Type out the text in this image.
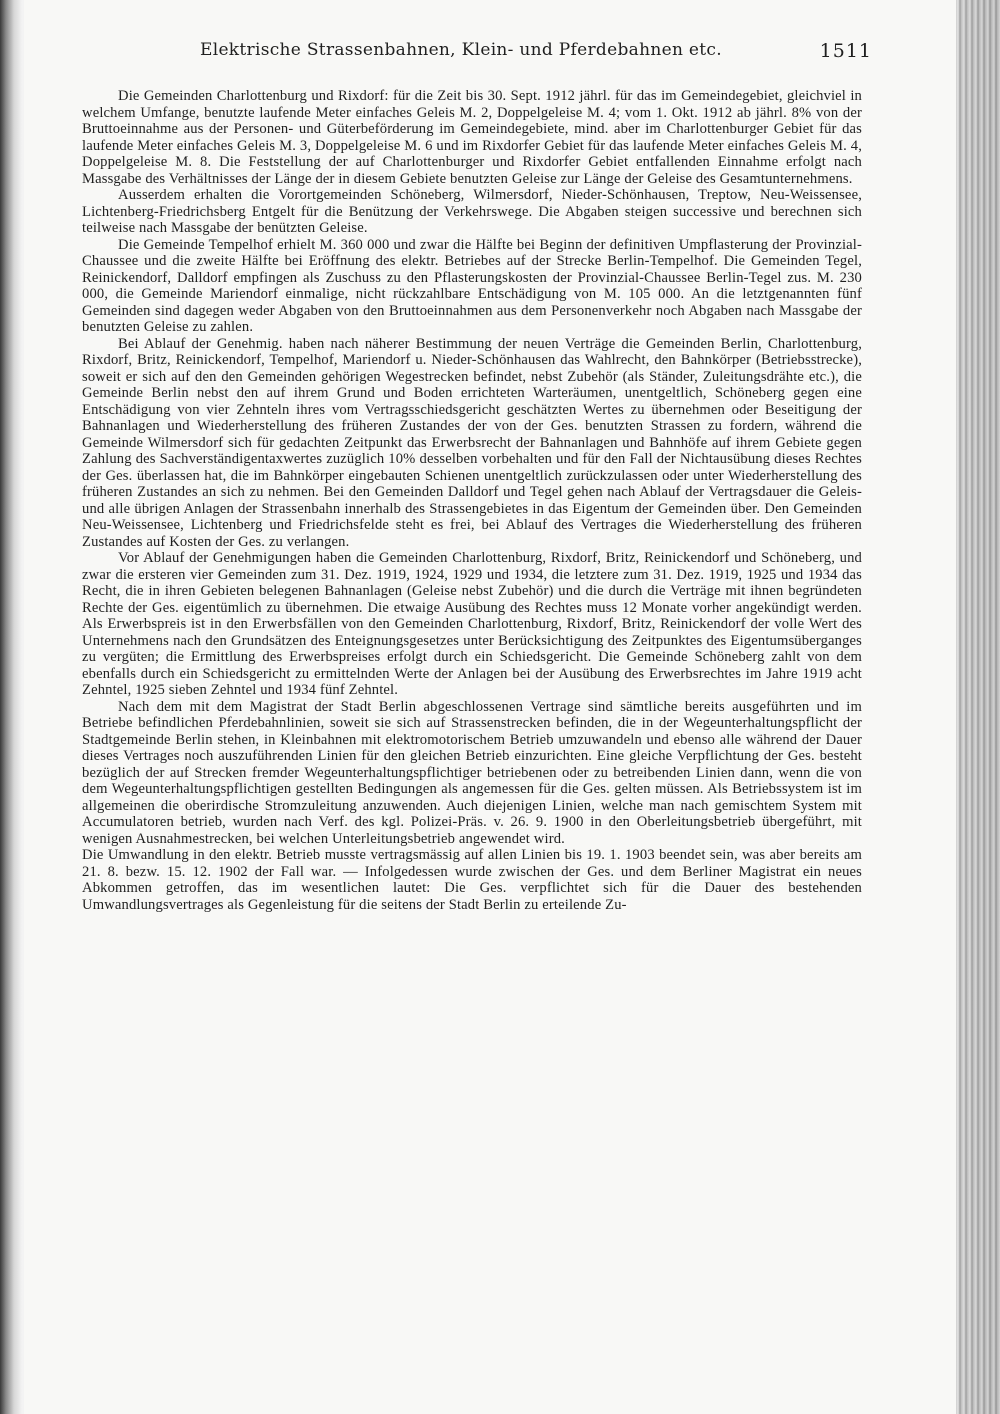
Elektrische Strassenbahnen, Klein- und Pferdebahnen etc.	1511

Die Gemeinden Charlottenburg und Rixdorf: für die Zeit bis 30. Sept. 1912 jährl. für das im Gemeindegebiet, gleichviel in welchem Umfange, benutzte laufende Meter einfaches Geleis M. 2, Doppelgeleise M. 4; vom 1. Okt. 1912 ab jährl. 8% von der Bruttoeinnahme aus der Personen- und Güterbeförderung im Gemeindegebiete, mind. aber im Charlottenburger Gebiet für das laufende Meter einfaches Geleis M. 3, Doppelgeleise M. 6 und im Rixdorfer Gebiet für das laufende Meter einfaches Geleis M. 4, Doppelgeleise M. 8. Die Feststellung der auf Charlottenburger und Rixdorfer Gebiet entfallenden Einnahme erfolgt nach Massgabe des Verhältnisses der Länge der in diesem Gebiete benutzten Geleise zur Länge der Geleise des Gesamtunternehmens.

Ausserdem erhalten die Vorortgemeinden Schöneberg, Wilmersdorf, Nieder-Schönhausen, Treptow, Neu-Weissensee, Lichtenberg-Friedrichsberg Entgelt für die Benützung der Verkehrswege. Die Abgaben steigen successive und berechnen sich teilweise nach Massgabe der benützten Geleise.

Die Gemeinde Tempelhof erhielt M. 360 000 und zwar die Hälfte bei Beginn der definitiven Umpflasterung der Provinzial-Chaussee und die zweite Hälfte bei Eröffnung des elektr. Betriebes auf der Strecke Berlin-Tempelhof. Die Gemeinden Tegel, Reinickendorf, Dalldorf empfingen als Zuschuss zu den Pflasterungskosten der Provinzial-Chaussee Berlin-Tegel zus. M. 230 000, die Gemeinde Mariendorf einmalige, nicht rückzahlbare Entschädigung von M. 105 000. An die letztgenannten fünf Gemeinden sind dagegen weder Abgaben von den Bruttoeinnahmen aus dem Personenverkehr noch Abgaben nach Massgabe der benutzten Geleise zu zahlen.

Bei Ablauf der Genehmig. haben nach näherer Bestimmung der neuen Verträge die Gemeinden Berlin, Charlottenburg, Rixdorf, Britz, Reinickendorf, Tempelhof, Mariendorf u. Nieder-Schönhausen das Wahlrecht, den Bahnkörper (Betriebsstrecke), soweit er sich auf den den Gemeinden gehörigen Wegestrecken befindet, nebst Zubehör (als Ständer, Zuleitungsdrähte etc.), die Gemeinde Berlin nebst den auf ihrem Grund und Boden errichteten Warteräumen, unentgeltlich, Schöneberg gegen eine Entschädigung von vier Zehnteln ihres vom Vertragsschiedsgericht geschätzten Wertes zu übernehmen oder Beseitigung der Bahnanlagen und Wiederherstellung des früheren Zustandes der von der Ges. benutzten Strassen zu fordern, während die Gemeinde Wilmersdorf sich für gedachten Zeitpunkt das Erwerbsrecht der Bahnanlagen und Bahnhöfe auf ihrem Gebiete gegen Zahlung des Sachverständigentaxwertes zuzüglich 10% desselben vorbehalten und für den Fall der Nichtausübung dieses Rechtes der Ges. überlassen hat, die im Bahnkörper eingebauten Schienen unentgeltlich zurückzulassen oder unter Wiederherstellung des früheren Zustandes an sich zu nehmen. Bei den Gemeinden Dalldorf und Tegel gehen nach Ablauf der Vertragsdauer die Geleis- und alle übrigen Anlagen der Strassenbahn innerhalb des Strassengebietes in das Eigentum der Gemeinden über. Den Gemeinden Neu-Weissensee, Lichtenberg und Friedrichsfelde steht es frei, bei Ablauf des Vertrages die Wiederherstellung des früheren Zustandes auf Kosten der Ges. zu verlangen.

Vor Ablauf der Genehmigungen haben die Gemeinden Charlottenburg, Rixdorf, Britz, Reinickendorf und Schöneberg, und zwar die ersteren vier Gemeinden zum 31. Dez. 1919, 1924, 1929 und 1934, die letztere zum 31. Dez. 1919, 1925 und 1934 das Recht, die in ihren Gebieten belegenen Bahnanlagen (Geleise nebst Zubehör) und die durch die Verträge mit ihnen begründeten Rechte der Ges. eigentümlich zu übernehmen. Die etwaige Ausübung des Rechtes muss 12 Monate vorher angekündigt werden. Als Erwerbspreis ist in den Erwerbsfällen von den Gemeinden Charlottenburg, Rixdorf, Britz, Reinickendorf der volle Wert des Unternehmens nach den Grundsätzen des Enteignungsgesetzes unter Berücksichtigung des Zeitpunktes des Eigentumsüberganges zu vergüten; die Ermittlung des Erwerbspreises erfolgt durch ein Schiedsgericht. Die Gemeinde Schöneberg zahlt von dem ebenfalls durch ein Schiedsgericht zu ermittelnden Werte der Anlagen bei der Ausübung des Erwerbsrechtes im Jahre 1919 acht Zehntel, 1925 sieben Zehntel und 1934 fünf Zehntel.

Nach dem mit dem Magistrat der Stadt Berlin abgeschlossenen Vertrage sind sämtliche bereits ausgeführten und im Betriebe befindlichen Pferdebahnlinien, soweit sie sich auf Strassenstrecken befinden, die in der Wegeunterhaltungspflicht der Stadtgemeinde Berlin stehen, in Kleinbahnen mit elektromotorischem Betrieb umzuwandeln und ebenso alle während der Dauer dieses Vertrages noch auszuführenden Linien für den gleichen Betrieb einzurichten. Eine gleiche Verpflichtung der Ges. besteht bezüglich der auf Strecken fremder Wegeunterhaltungspflichtiger betriebenen oder zu betreibenden Linien dann, wenn die von dem Wegeunterhaltungspflichtigen gestellten Bedingungen als angemessen für die Ges. gelten müssen. Als Betriebssystem ist im allgemeinen die oberirdische Stromzuleitung anzuwenden. Auch diejenigen Linien, welche man nach gemischtem System mit Accumulatoren betrieb, wurden nach Verf. des kgl. Polizei-Präs. v. 26. 9. 1900 in den Oberleitungsbetrieb übergeführt, mit wenigen Ausnahmestrecken, bei welchen Unterleitungsbetrieb angewendet wird.

Die Umwandlung in den elektr. Betrieb musste vertragsmässig auf allen Linien bis 19. 1. 1903 beendet sein, was aber bereits am 21. 8. bezw. 15. 12. 1902 der Fall war. — Infolgedessen wurde zwischen der Ges. und dem Berliner Magistrat ein neues Abkommen getroffen, das im wesentlichen lautet: Die Ges. verpflichtet sich für die Dauer des bestehenden Umwandlungsvertrages als Gegenleistung für die seitens der Stadt Berlin zu erteilende Zu-
